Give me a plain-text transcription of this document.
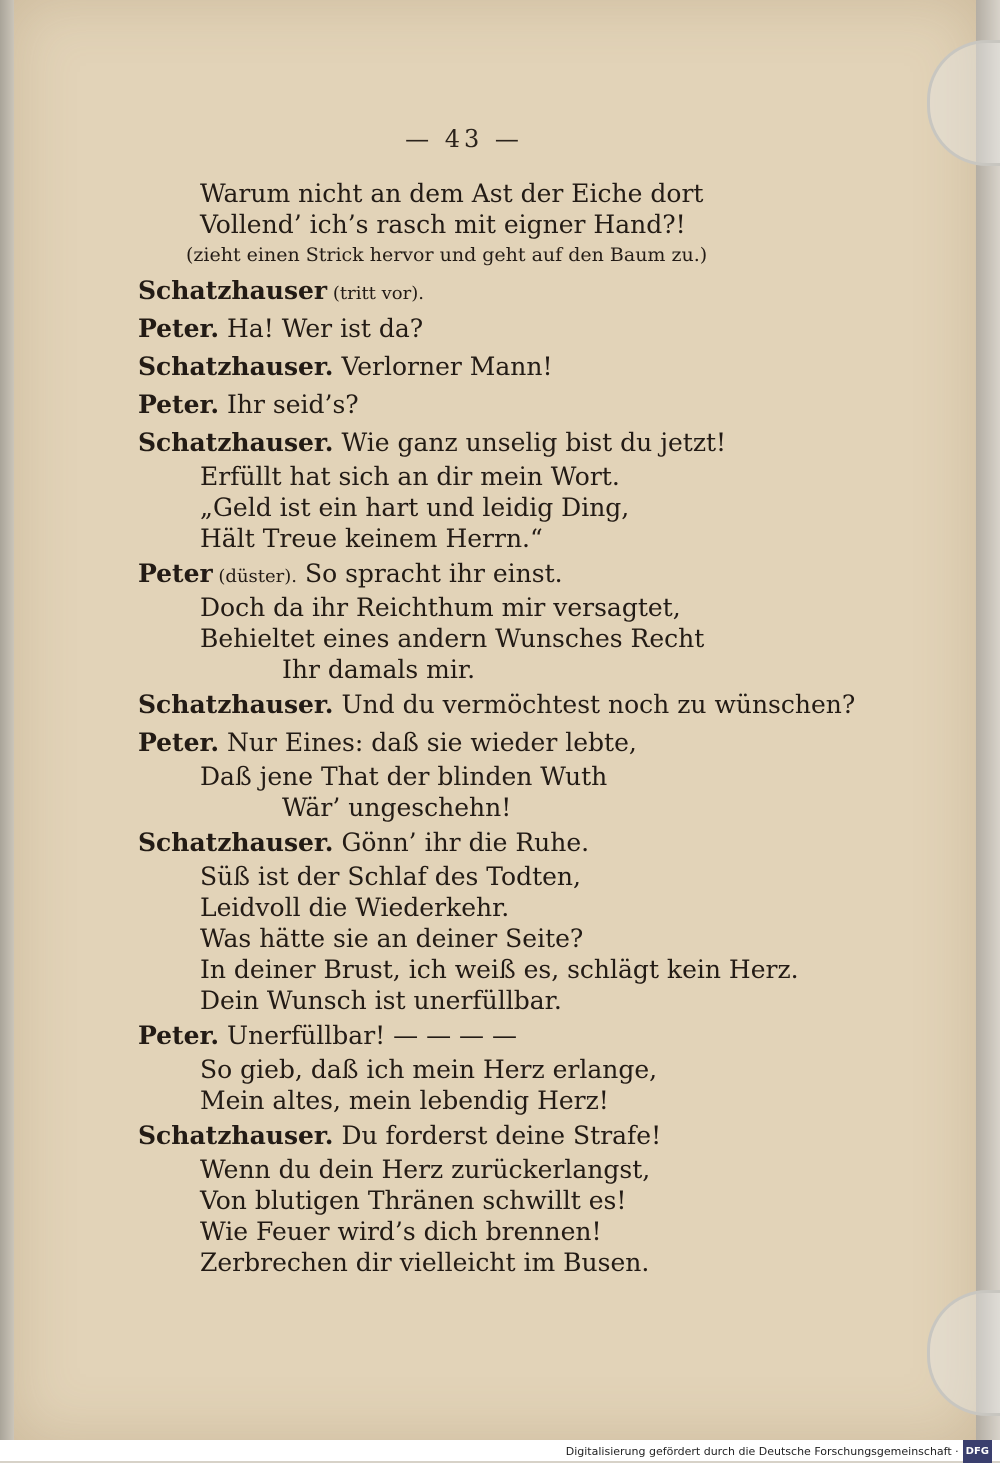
— 43 —
Warum nicht an dem Ast der Eiche dort
Vollend’ ich’s rasch mit eigner Hand?!
(zieht einen Strick hervor und geht auf den Baum zu.)
Schatzhauser (tritt vor).
Peter. Ha! Wer ist da?
Schatzhauser. Verlorner Mann!
Peter. Ihr seid’s?
Schatzhauser. Wie ganz unselig bist du jetzt!
Erfüllt hat sich an dir mein Wort.
„Geld ist ein hart und leidig Ding,
Hält Treue keinem Herrn.“
Peter (düster). So spracht ihr einst.
Doch da ihr Reichthum mir versagtet,
Behieltet eines andern Wunsches Recht
Ihr damals mir.
Schatzhauser. Und du vermöchtest noch zu wünschen?
Peter. Nur Eines: daß sie wieder lebte,
Daß jene That der blinden Wuth
Wär’ ungeschehn!
Schatzhauser. Gönn’ ihr die Ruhe.
Süß ist der Schlaf des Todten,
Leidvoll die Wiederkehr.
Was hätte sie an deiner Seite?
In deiner Brust, ich weiß es, schlägt kein Herz.
Dein Wunsch ist unerfüllbar.
Peter. Unerfüllbar! — — — —
So gieb, daß ich mein Herz erlange,
Mein altes, mein lebendig Herz!
Schatzhauser. Du forderst deine Strafe!
Wenn du dein Herz zurückerlangst,
Von blutigen Thränen schwillt es!
Wie Feuer wird’s dich brennen!
Zerbrechen dir vielleicht im Busen.
Digitalisierung gefördert durch die Deutsche Forschungsgemeinschaft · DFG
